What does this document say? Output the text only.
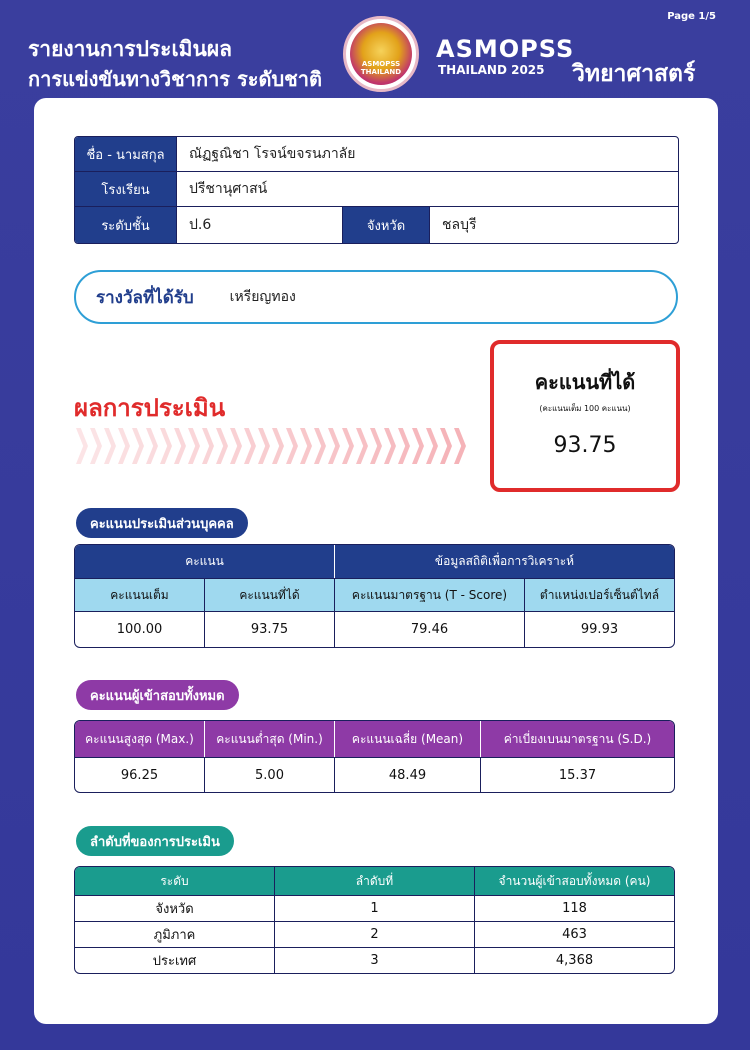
Page 1/5
รายงานการประเมินผล
การแข่งขันทางวิชาการ ระดับชาติ
ASMOPSS
THAILAND
ASMOPSS
THAILAND 2025	วิทยาศาสตร์
ชื่อ - นามสกุล	ณัฏฐณิชา โรจน์ขจรนภาลัย
โรงเรียน	ปรีชานุศาสน์
ระดับชั้น	ป.6	จังหวัด	ชลบุรี
รางวัลที่ได้รับ	เหรียญทอง
ผลการประเมิน
คะแนนที่ได้
(คะแนนเต็ม 100 คะแนน)
93.75
คะแนนประเมินส่วนบุคคล
คะแนน		ข้อมูลสถิติเพื่อการวิเคราะห์	
คะแนนเต็ม	คะแนนที่ได้	คะแนนมาตรฐาน (T - Score)	ตำแหน่งเปอร์เซ็นต์ไทล์
100.00	93.75	79.46	99.93
คะแนนผู้เข้าสอบทั้งหมด
คะแนนสูงสุด (Max.)	คะแนนต่ำสุด (Min.)	คะแนนเฉลี่ย (Mean)	ค่าเบี่ยงเบนมาตรฐาน (S.D.)
96.25	5.00	48.49	15.37
ลำดับที่ของการประเมิน
ระดับ	ลำดับที่	จำนวนผู้เข้าสอบทั้งหมด (คน)
จังหวัด	1	118
ภูมิภาค	2	463
ประเทศ	3	4,368
